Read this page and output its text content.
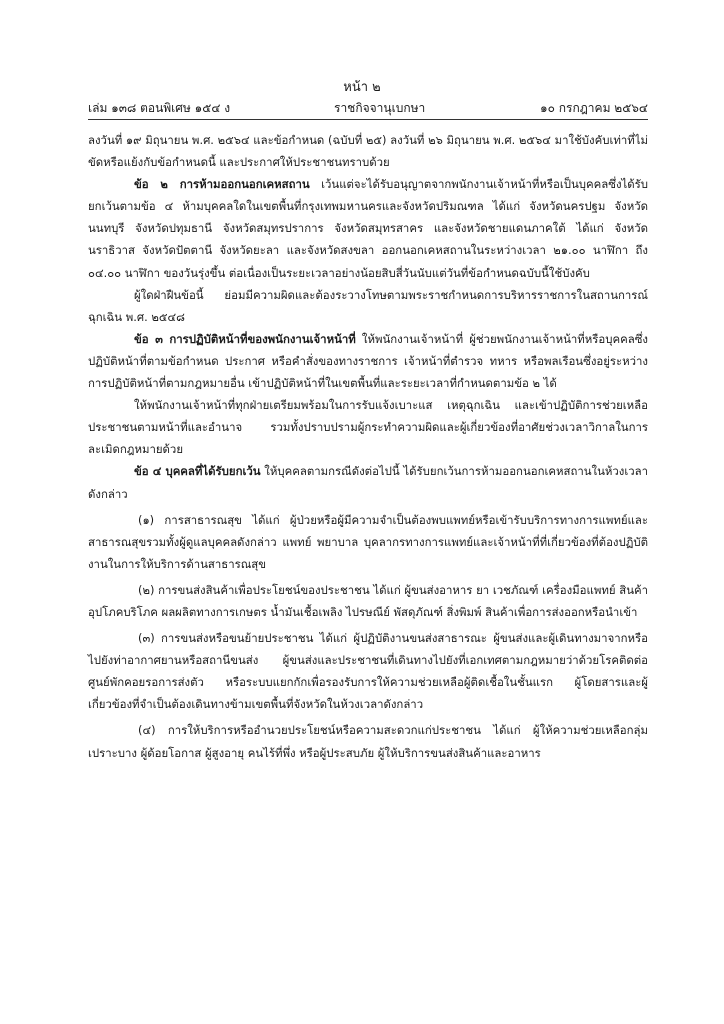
หน้า ๒
เล่ม ๑๓๘ ตอนพิเศษ ๑๕๔ ง	ราชกิจจานุเบกษา	๑๐ กรกฎาคม ๒๕๖๔

ลงวันที่ ๑๙ มิถุนายน พ.ศ. ๒๕๖๔ และข้อกำหนด (ฉบับที่ ๒๕) ลงวันที่ ๒๖ มิถุนายน พ.ศ. ๒๕๖๔ มาใช้บังคับเท่าที่ไม่ขัดหรือแย้งกับข้อกำหนดนี้ และประกาศให้ประชาชนทราบด้วย

ข้อ ๒ การห้ามออกนอกเคหสถาน เว้นแต่จะได้รับอนุญาตจากพนักงานเจ้าหน้าที่หรือเป็นบุคคลซึ่งได้รับยกเว้นตามข้อ ๔ ห้ามบุคคลใดในเขตพื้นที่กรุงเทพมหานครและจังหวัดปริมณฑล ได้แก่ จังหวัดนครปฐม จังหวัดนนทบุรี จังหวัดปทุมธานี จังหวัดสมุทรปราการ จังหวัดสมุทรสาคร และจังหวัดชายแดนภาคใต้ ได้แก่ จังหวัดนราธิวาส จังหวัดปัตตานี จังหวัดยะลา และจังหวัดสงขลา ออกนอกเคหสถานในระหว่างเวลา ๒๑.๐๐ นาฬิกา ถึง ๐๔.๐๐ นาฬิกา ของวันรุ่งขึ้น ต่อเนื่องเป็นระยะเวลาอย่างน้อยสิบสี่วันนับแต่วันที่ข้อกำหนดฉบับนี้ใช้บังคับ

ผู้ใดฝ่าฝืนข้อนี้ ย่อมมีความผิดและต้องระวางโทษตามพระราชกำหนดการบริหารราชการในสถานการณ์ฉุกเฉิน พ.ศ. ๒๕๔๘

ข้อ ๓ การปฏิบัติหน้าที่ของพนักงานเจ้าหน้าที่ ให้พนักงานเจ้าหน้าที่ ผู้ช่วยพนักงานเจ้าหน้าที่หรือบุคคลซึ่งปฏิบัติหน้าที่ตามข้อกำหนด ประกาศ หรือคำสั่งของทางราชการ เจ้าหน้าที่ตำรวจ ทหาร หรือพลเรือนซึ่งอยู่ระหว่างการปฏิบัติหน้าที่ตามกฎหมายอื่น เข้าปฏิบัติหน้าที่ในเขตพื้นที่และระยะเวลาที่กำหนดตามข้อ ๒ ได้

ให้พนักงานเจ้าหน้าที่ทุกฝ่ายเตรียมพร้อมในการรับแจ้งเบาะแส เหตุฉุกเฉิน และเข้าปฏิบัติการช่วยเหลือประชาชนตามหน้าที่และอำนาจ รวมทั้งปราบปรามผู้กระทำความผิดและผู้เกี่ยวข้องที่อาศัยช่วงเวลาวิกาลในการละเมิดกฎหมายด้วย

ข้อ ๔ บุคคลที่ได้รับยกเว้น ให้บุคคลตามกรณีดังต่อไปนี้ ได้รับยกเว้นการห้ามออกนอกเคหสถานในห้วงเวลาดังกล่าว

(๑) การสาธารณสุข ได้แก่ ผู้ป่วยหรือผู้มีความจำเป็นต้องพบแพทย์หรือเข้ารับบริการทางการแพทย์และสาธารณสุขรวมทั้งผู้ดูแลบุคคลดังกล่าว แพทย์ พยาบาล บุคลากรทางการแพทย์และเจ้าหน้าที่ที่เกี่ยวข้องที่ต้องปฏิบัติงานในการให้บริการด้านสาธารณสุข

(๒) การขนส่งสินค้าเพื่อประโยชน์ของประชาชน ได้แก่ ผู้ขนส่งอาหาร ยา เวชภัณฑ์ เครื่องมือแพทย์ สินค้าอุปโภคบริโภค ผลผลิตทางการเกษตร น้ำมันเชื้อเพลิง ไปรษณีย์ พัสดุภัณฑ์ สิ่งพิมพ์ สินค้าเพื่อการส่งออกหรือนำเข้า

(๓) การขนส่งหรือขนย้ายประชาชน ได้แก่ ผู้ปฏิบัติงานขนส่งสาธารณะ ผู้ขนส่งและผู้เดินทางมาจากหรือไปยังท่าอากาศยานหรือสถานีขนส่ง ผู้ขนส่งและประชาชนที่เดินทางไปยังที่เอกเทศตามกฎหมายว่าด้วยโรคติดต่อ ศูนย์พักคอยรอการส่งตัว หรือระบบแยกกักเพื่อรองรับการให้ความช่วยเหลือผู้ติดเชื้อในชั้นแรก ผู้โดยสารและผู้เกี่ยวข้องที่จำเป็นต้องเดินทางข้ามเขตพื้นที่จังหวัดในห้วงเวลาดังกล่าว

(๔) การให้บริการหรืออำนวยประโยชน์หรือความสะดวกแก่ประชาชน ได้แก่ ผู้ให้ความช่วยเหลือกลุ่มเปราะบาง ผู้ด้อยโอกาส ผู้สูงอายุ คนไร้ที่พึ่ง หรือผู้ประสบภัย ผู้ให้บริการขนส่งสินค้าและอาหาร
